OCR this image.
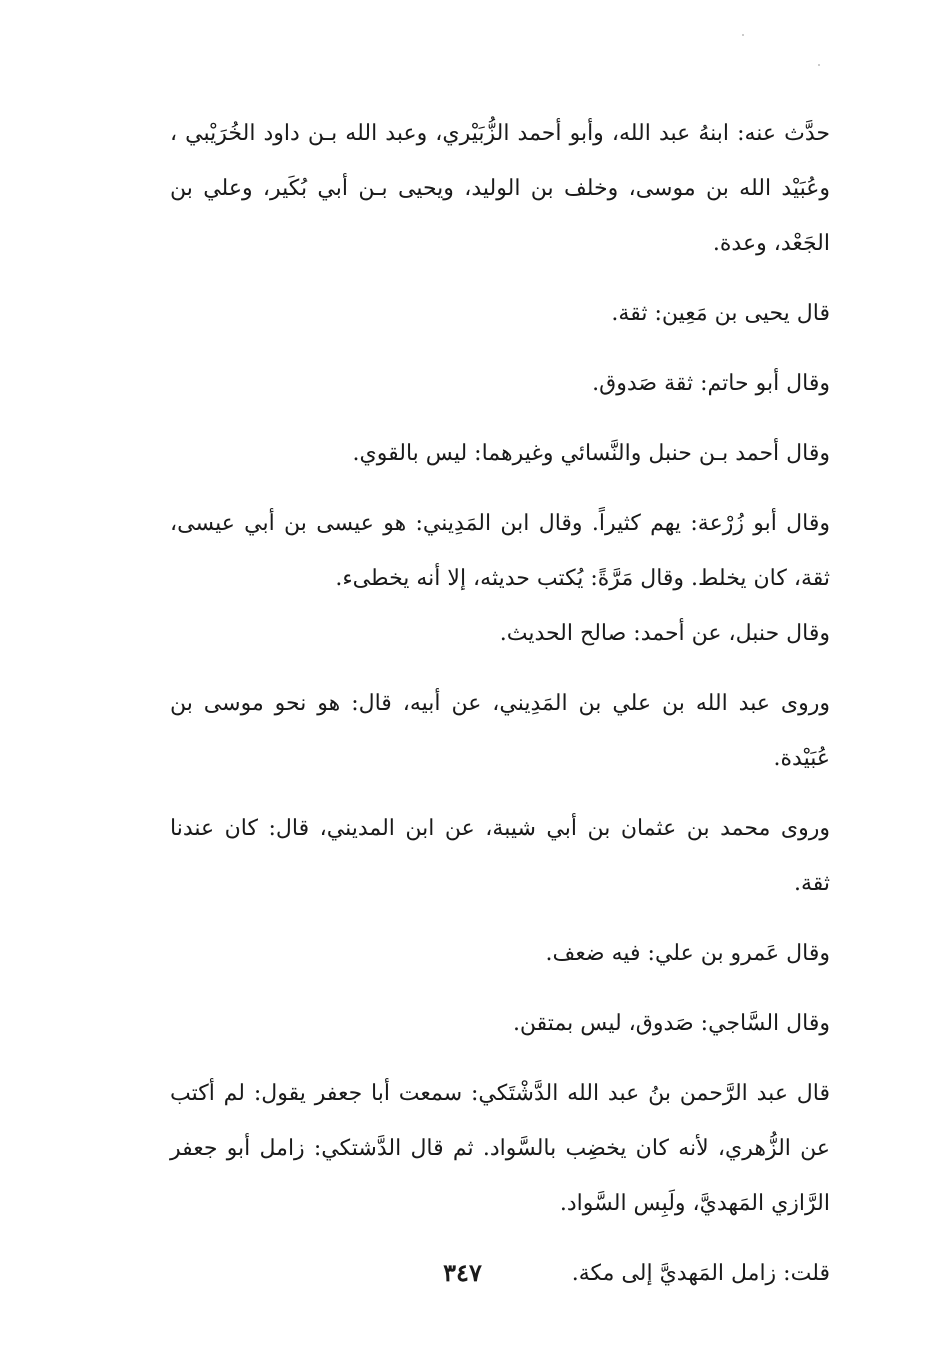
حدَّث عنه: ابنهُ عبد الله، وأبو أحمد الزُّبَيْري، وعبد الله بـن داود الخُرَيْبي ، وعُبَيْد الله بن موسى، وخلف بن الوليد، ويحيى بـن أبي بُكَير، وعلي بن الجَعْد، وعدة.

قال يحيى بن مَعِين: ثقة.

وقال أبو حاتم: ثقة صَدوق.

وقال أحمد بـن حنبل والنَّسائي وغيرهما: ليس بالقوي.

وقال أبو زُرْعة: يهم كثيراً. وقال ابن المَدِيني: هو عيسى بن أبي عيسى، ثقة، كان يخلط. وقال مَرَّةً: يُكتب حديثه، إلا أنه يخطىء.

وقال حنبل، عن أحمد: صالح الحديث.

وروى عبد الله بن علي بن المَدِيني، عن أبيه، قال: هو نحو موسى بن عُبَيْدة.

وروى محمد بن عثمان بن أبي شيبة، عن ابن المديني، قال: كان عندنا ثقة.

وقال عَمرو بن علي: فيه ضعف.

وقال السَّاجي: صَدوق، ليس بمتقن.

قال عبد الرَّحمن بنُ عبد الله الدَّشْتَكي: سمعت أبا جعفر يقول: لم أكتب عن الزُّهري، لأنه كان يخضِب بالسَّواد. ثم قال الدَّشتكي: زامل أبو جعفر الرَّازي المَهديَّ، ولَبِس السَّواد.

قلت: زامل المَهديَّ إلى مكة.

٣٤٧
